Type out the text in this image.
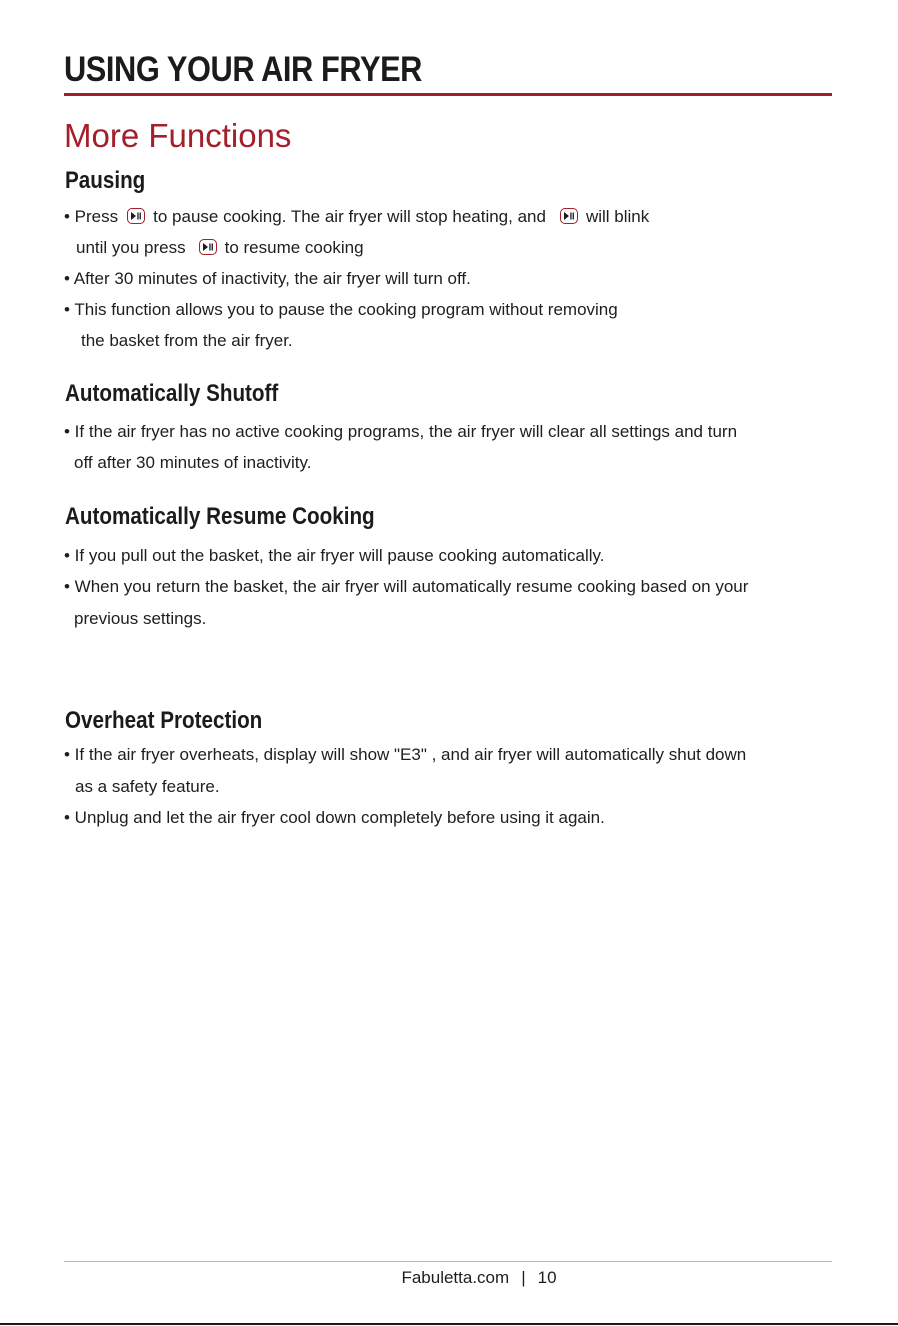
USING YOUR AIR FRYER
More Functions
Pausing
• Press to pause cooking. The air fryer will stop heating, and will blink
until you press to resume cooking
• After 30 minutes of inactivity, the air fryer will turn off.
• This function allows you to pause the cooking program without removing
the basket from the air fryer.
Automatically Shutoff
• If the air fryer has no active cooking programs, the air fryer will clear all settings and turn
off after 30 minutes of inactivity.
Automatically Resume Cooking
• If you pull out the basket, the air fryer will pause cooking automatically.
• When you return the basket, the air fryer will automatically resume cooking based on your
previous settings.
Overheat Protection
• If the air fryer overheats, display will show "E3" , and air fryer will automatically shut down
as a safety feature.
• Unplug and let the air fryer cool down completely before using it again.
Fabuletta.com | 10
